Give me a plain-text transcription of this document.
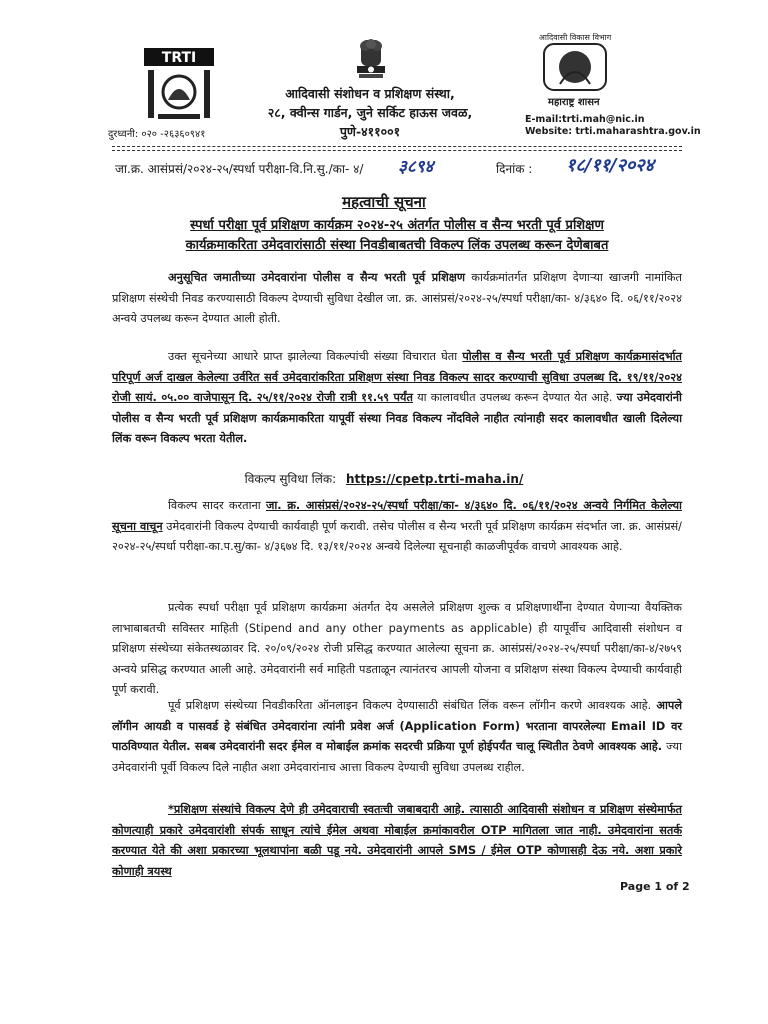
TRTI
दुरध्वनी: ०२० -२६३६०९४१
आदिवासी संशोधन व प्रशिक्षण संस्था,
२८, क्वीन्स गार्डन, जुने सर्किट हाऊस जवळ,
पुणे-४११००१
आदिवासी विकास विभाग
महाराष्ट्र शासन
E-mail:trti.mah@nic.in
Website: trti.maharashtra.gov.in
जा.क्र. आसंप्रसं/२०२४-२५/स्पर्धा परीक्षा-वि.नि.सु./का- ४/ ३८९४	दिनांक : १८/११/२०२४
महत्वाची सूचना
स्पर्धा परीक्षा पूर्व प्रशिक्षण कार्यक्रम २०२४-२५ अंतर्गत पोलीस व सैन्य भरती पूर्व प्रशिक्षण
कार्यक्रमाकरिता उमेदवारांसाठी संस्था निवडीबाबतची विकल्प लिंक उपलब्ध करून देणेबाबत

अनुसूचित जमातीच्या उमेदवारांना पोलीस व सैन्य भरती पूर्व प्रशिक्षण कार्यक्रमांतर्गत प्रशिक्षण देणाऱ्या खाजगी नामांकित प्रशिक्षण संस्थेची निवड करण्यासाठी विकल्प देण्याची सुविधा देखील जा. क्र. आसंप्रसं/२०२४-२५/स्पर्धा परीक्षा/का- ४/३६४० दि. ०६/११/२०२४ अन्वये उपलब्ध करून देण्यात आली होती.

उक्त सूचनेच्या आधारे प्राप्त झालेल्या विकल्पांची संख्या विचारात घेता पोलीस व सैन्य भरती पूर्व प्रशिक्षण कार्यक्रमासंदर्भात परिपूर्ण अर्ज दाखल केलेल्या उर्वरित सर्व उमेदवारांकरिता प्रशिक्षण संस्था निवड विकल्प सादर करण्याची सुविधा उपलब्ध दि. १९/११/२०२४ रोजी सायं. ०५.०० वाजेपासून दि. २५/११/२०२४ रोजी रात्री ११.५९ पर्यंत या कालावधीत उपलब्ध करून देण्यात येत आहे. ज्या उमेदवारांनी पोलीस व सैन्य भरती पूर्व प्रशिक्षण कार्यक्रमाकरिता यापूर्वी संस्था निवड विकल्प नोंदविले नाहीत त्यांनाही सदर कालावधीत खाली दिलेल्या लिंक वरून विकल्प भरता येतील.

विकल्प सुविधा लिंक: https://cpetp.trti-maha.in/

विकल्प सादर करताना जा. क्र. आसंप्रसं/२०२४-२५/स्पर्धा परीक्षा/का- ४/३६४० दि. ०६/११/२०२४ अन्वये निर्गमित केलेल्या सूचना वाचून उमेदवारांनी विकल्प देण्याची कार्यवाही पूर्ण करावी. तसेच पोलीस व सैन्य भरती पूर्व प्रशिक्षण कार्यक्रम संदर्भात जा. क्र. आसंप्रसं/२०२४-२५/स्पर्धा परीक्षा-का.प.सु/का- ४/३६७४ दि. १३/११/२०२४ अन्वये दिलेल्या सूचनाही काळजीपूर्वक वाचणे आवश्यक आहे.

प्रत्येक स्पर्धा परीक्षा पूर्व प्रशिक्षण कार्यक्रमा अंतर्गत देय असलेले प्रशिक्षण शुल्क व प्रशिक्षणार्थींना देण्यात येणाऱ्या वैयक्तिक लाभाबाबतची सविस्तर माहिती (Stipend and any other payments as applicable) ही यापूर्वीच आदिवासी संशोधन व प्रशिक्षण संस्थेच्या संकेतस्थळावर दि. २०/०९/२०२४ रोजी प्रसिद्ध करण्यात आलेल्या सूचना क्र. आसंप्रसं/२०२४-२५/स्पर्धा परीक्षा/का-४/२७५९ अन्वये प्रसिद्ध करण्यात आली आहे. उमेदवारांनी सर्व माहिती पडताळून त्यानंतरच आपली योजना व प्रशिक्षण संस्था विकल्प देण्याची कार्यवाही पूर्ण करावी.

पूर्व प्रशिक्षण संस्थेच्या निवडीकरिता ऑनलाइन विकल्प देण्यासाठी संबंधित लिंक वरून लॉगीन करणे आवश्यक आहे. आपले लॉगीन आयडी व पासवर्ड हे संबंधित उमेदवारांना त्यांनी प्रवेश अर्ज (Application Form) भरताना वापरलेल्या Email ID वर पाठविण्यात येतील. सबब उमेदवारांनी सदर ईमेल व मोबाईल क्रमांक सदरची प्रक्रिया पूर्ण होईपर्यंत चालू स्थितीत ठेवणे आवश्यक आहे. ज्या उमेदवारांनी पूर्वी विकल्प दिले नाहीत अशा उमेदवारांनाच आत्ता विकल्प देण्याची सुविधा उपलब्ध राहील.

*प्रशिक्षण संस्थांचे विकल्प देणे ही उमेदवाराची स्वतःची जबाबदारी आहे. त्यासाठी आदिवासी संशोधन व प्रशिक्षण संस्थेमार्फत कोणत्याही प्रकारे उमेदवारांशी संपर्क साधून त्यांचे ईमेल अथवा मोबाईल क्रमांकावरील OTP मागितला जात नाही. उमेदवारांना सतर्क करण्यात येते की अशा प्रकारच्या भूलथापांना बळी पडू नये. उमेदवारांनी आपले SMS / ईमेल OTP कोणासही देऊ नये. अशा प्रकारे कोणाही त्रयस्थ

Page 1 of 2
